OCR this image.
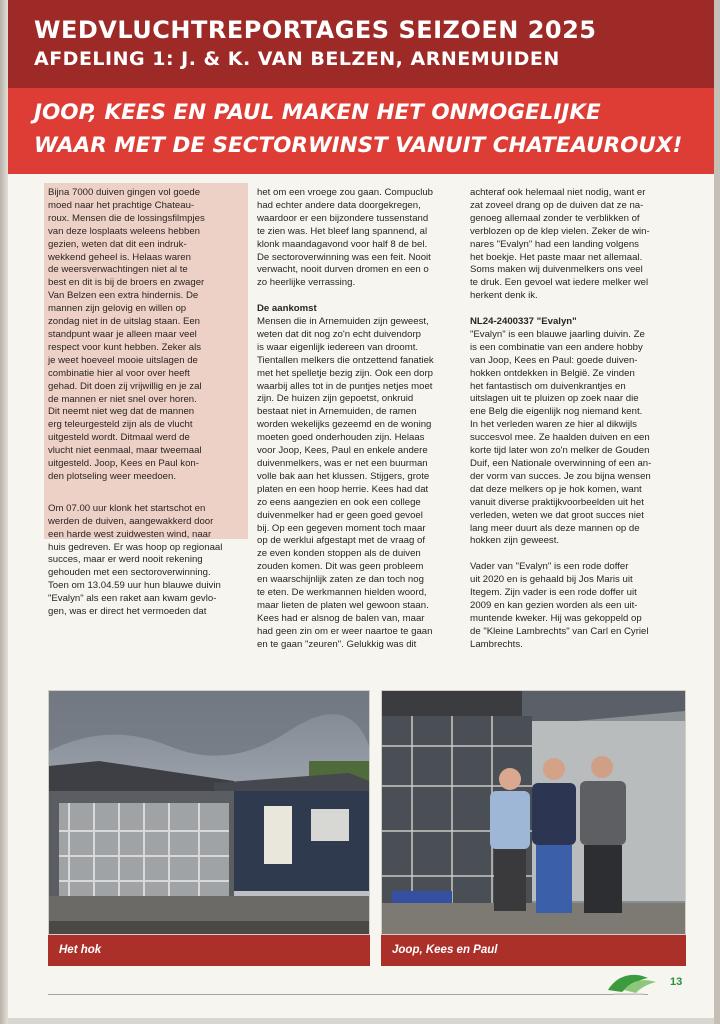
WEDVLUCHTREPORTAGES SEIZOEN 2025
AFDELING 1: J. & K. VAN BELZEN, ARNEMUIDEN
JOOP, KEES EN PAUL MAKEN HET ONMOGELIJKE
WAAR MET DE SECTORWINST VANUIT CHATEAUROUX!
Bijna 7000 duiven gingen vol goede
moed naar het prachtige Chateau-
roux. Mensen die de lossingsfilmpjes
van deze losplaats weleens hebben
gezien, weten dat dit een indruk-
wekkend geheel is. Helaas waren
de weersverwachtingen niet al te
best en dit is bij de broers en zwager
Van Belzen een extra hindernis. De
mannen zijn gelovig en willen op
zondag niet in de uitslag staan. Een
standpunt waar je alleen maar veel
respect voor kunt hebben. Zeker als
je weet hoeveel mooie uitslagen de
combinatie hier al voor over heeft
gehad. Dit doen zij vrijwillig en je zal
de mannen er niet snel over horen.
Dit neemt niet weg dat de mannen
erg teleurgesteld zijn als de vlucht
uitgesteld wordt. Ditmaal werd de
vlucht niet eenmaal, maar tweemaal
uitgesteld. Joop, Kees en Paul kon-
den plotseling weer meedoen.
Om 07.00 uur klonk het startschot en
werden de duiven, aangewakkerd door
een harde west zuidwesten wind, naar
huis gedreven. Er was hoop op regionaal
succes, maar er werd nooit rekening
gehouden met een sectoroverwinning.
Toen om 13.04.59 uur hun blauwe duivin
"Evalyn" als een raket aan kwam gevlo-
gen, was er direct het vermoeden dat
het om een vroege zou gaan. Compuclub
had echter andere data doorgekregen,
waardoor er een bijzondere tussenstand
te zien was. Het bleef lang spannend, al
klonk maandagavond voor half 8 de bel.
De sectoroverwinning was een feit. Nooit
verwacht, nooit durven dromen en een o
zo heerlijke verrassing.
De aankomst
Mensen die in Arnemuiden zijn geweest,
weten dat dit nog zo'n echt duivendorp
is waar eigenlijk iedereen van droomt.
Tientallen melkers die ontzettend fanatiek
met het spelletje bezig zijn. Ook een dorp
waarbij alles tot in de puntjes netjes moet
zijn. De huizen zijn gepoetst, onkruid
bestaat niet in Arnemuiden, de ramen
worden wekelijks gezeemd en de woning
moeten goed onderhouden zijn. Helaas
voor Joop, Kees, Paul en enkele andere
duivenmelkers, was er net een buurman
volle bak aan het klussen. Stijgers, grote
platen en een hoop herrie. Kees had dat
zo eens aangezien en ook een college
duivenmelker had er geen goed gevoel
bij. Op een gegeven moment toch maar
op de werklui afgestapt met de vraag of
ze even konden stoppen als de duiven
zouden komen. Dit was geen probleem
en waarschijnlijk zaten ze dan toch nog
te eten. De werkmannen hielden woord,
maar lieten de platen wel gewoon staan.
Kees had er alsnog de balen van, maar
had geen zin om er weer naartoe te gaan
en te gaan "zeuren". Gelukkig was dit
achteraf ook helemaal niet nodig, want er
zat zoveel drang op de duiven dat ze na-
genoeg allemaal zonder te verblikken of
verblozen op de klep vielen. Zeker de win-
nares "Evalyn" had een landing volgens
het boekje. Het paste maar net allemaal.
Soms maken wij duivenmelkers ons veel
te druk. Een gevoel wat iedere melker wel
herkent denk ik.
NL24-2400337 "Evalyn"
"Evalyn" is een blauwe jaarling duivin. Ze
is een combinatie van een andere hobby
van Joop, Kees en Paul: goede duiven-
hokken ontdekken in België. Ze vinden
het fantastisch om duivenkrantjes en
uitslagen uit te pluizen op zoek naar die
ene Belg die eigenlijk nog niemand kent.
In het verleden waren ze hier al dikwijls
succesvol mee. Ze haalden duiven en een
korte tijd later won zo'n melker de Gouden
Duif, een Nationale overwinning of een an-
der vorm van succes. Je zou bijna wensen
dat deze melkers op je hok komen, want
vanuit diverse praktijkvoorbeelden uit het
verleden, weten we dat groot succes niet
lang meer duurt als deze mannen op de
hokken zijn geweest.
Vader van "Evalyn" is een rode doffer
uit 2020 en is gehaald bij Jos Maris uit
Itegem. Zijn vader is een rode doffer uit
2009 en kan gezien worden als een uit-
muntende kweker. Hij was gekoppeld op
de "Kleine Lambrechts" van Carl en Cyriel
Lambrechts.
Het hok	Joop, Kees en Paul
13
